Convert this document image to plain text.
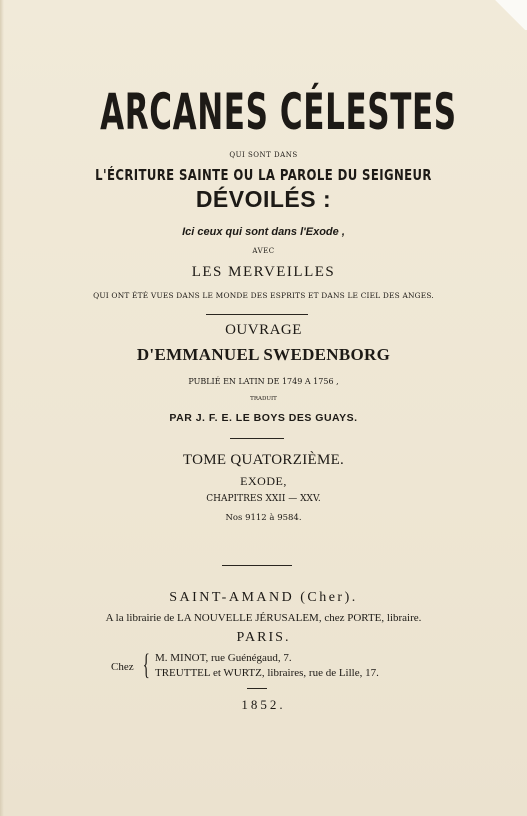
ARCANES CÉLESTES
QUI SONT DANS
L'ÉCRITURE SAINTE OU LA PAROLE DU SEIGNEUR
DÉVOILÉS :
Ici ceux qui sont dans l'Exode ,
AVEC
LES MERVEILLES
QUI ONT ÉTÉ VUES DANS LE MONDE DES ESPRITS ET DANS LE CIEL DES ANGES.
OUVRAGE
D'EMMANUEL SWEDENBORG
PUBLIÉ EN LATIN DE 1749 A 1756 ,
TRADUIT
PAR J. F. E. LE BOYS DES GUAYS.
TOME QUATORZIÈME.
EXODE,
CHAPITRES XXII — XXV.
Nos 9112 à 9584.
SAINT-AMAND (Cher).
A la librairie de LA NOUVELLE JÉRUSALEM, chez PORTE, libraire.
PARIS.
Chez { M. MINOT, rue Guénégaud, 7.
TREUTTEL et WURTZ, libraires, rue de Lille, 17.
1852.
